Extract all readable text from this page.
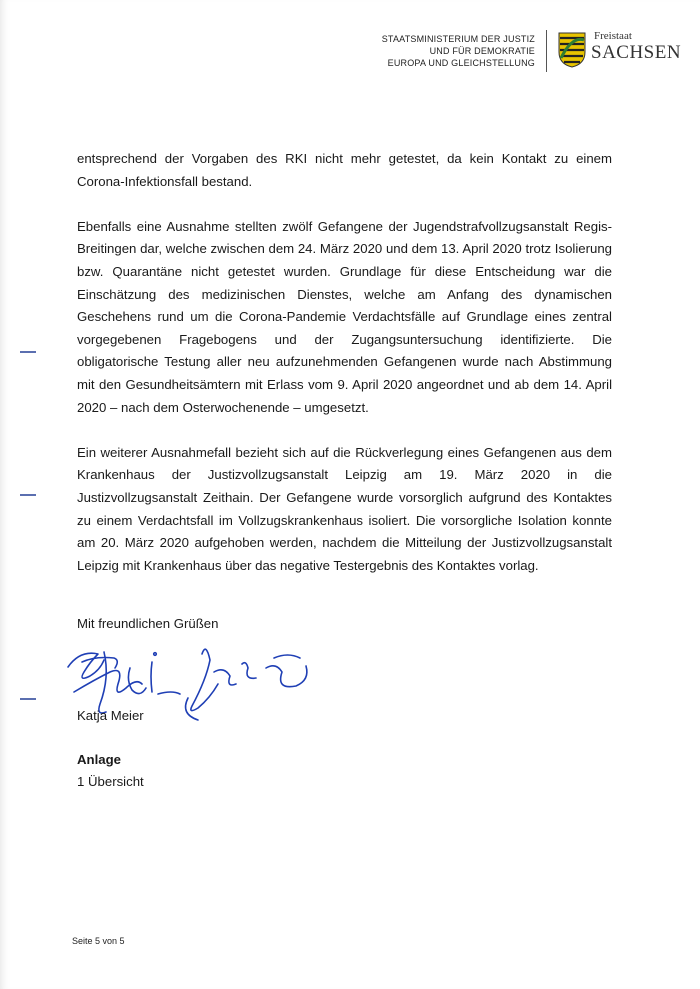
STAATSMINISTERIUM DER JUSTIZ
UND FÜR DEMOKRATIE
EUROPA UND GLEICHSTELLUNG
Freistaat
SACHSEN

entsprechend der Vorgaben des RKI nicht mehr getestet, da kein Kontakt zu einem Corona-Infektionsfall bestand.

Ebenfalls eine Ausnahme stellten zwölf Gefangene der Jugendstrafvollzugsanstalt Regis-Breitingen dar, welche zwischen dem 24. März 2020 und dem 13. April 2020 trotz Isolierung bzw. Quarantäne nicht getestet wurden. Grundlage für diese Entscheidung war die Einschätzung des medizinischen Dienstes, welche am Anfang des dynamischen Geschehens rund um die Corona-Pandemie Verdachtsfälle auf Grundlage eines zentral vorgegebenen Fragebogens und der Zugangsuntersuchung identifizierte. Die obligatorische Testung aller neu aufzunehmenden Gefangenen wurde nach Abstimmung mit den Gesundheitsämtern mit Erlass vom 9. April 2020 angeordnet und ab dem 14. April 2020 – nach dem Osterwochenende – umgesetzt.

Ein weiterer Ausnahmefall bezieht sich auf die Rückverlegung eines Gefangenen aus dem Krankenhaus der Justizvollzugsanstalt Leipzig am 19. März 2020 in die Justizvollzugsanstalt Zeithain. Der Gefangene wurde vorsorglich aufgrund des Kontaktes zu einem Verdachtsfall im Vollzugskrankenhaus isoliert. Die vorsorgliche Isolation konnte am 20. März 2020 aufgehoben werden, nachdem die Mitteilung der Justizvollzugsanstalt Leipzig mit Krankenhaus über das negative Testergebnis des Kontaktes vorlag.

Mit freundlichen Grüßen
Katja Meier
Anlage
1 Übersicht
Seite 5 von 5
